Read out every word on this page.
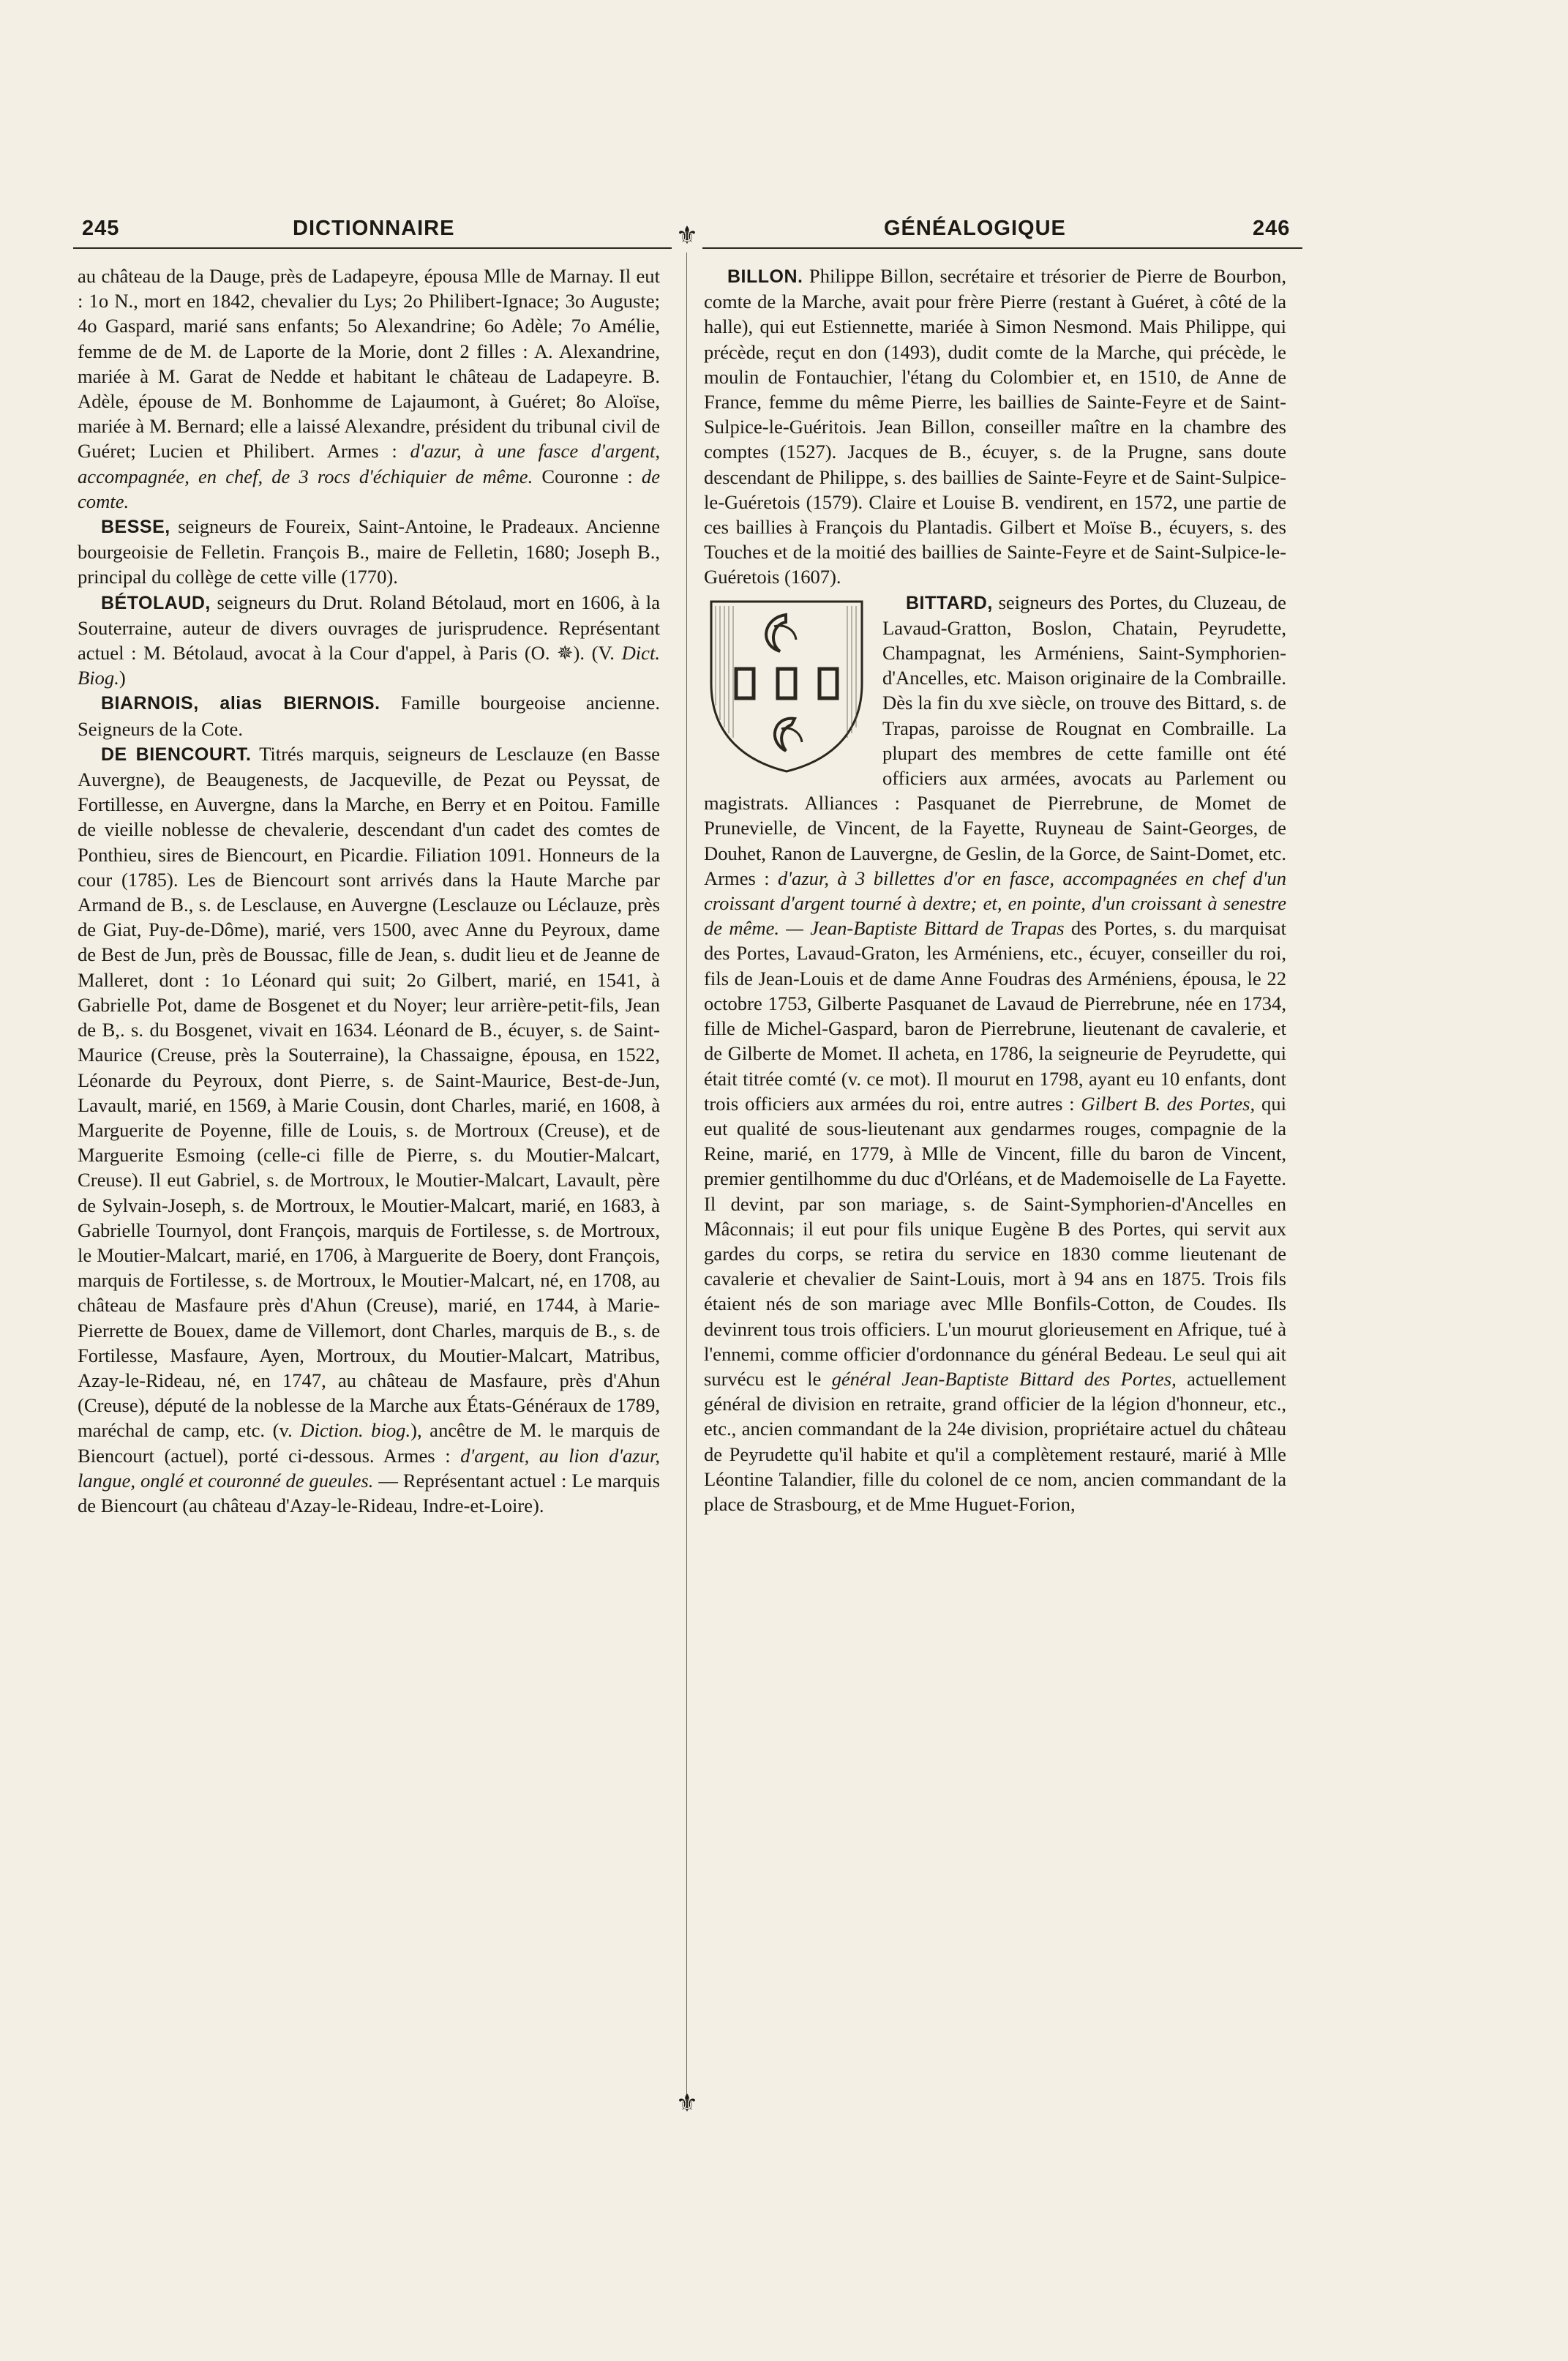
245	DICTIONNAIRE	GÉNÉALOGIQUE	246
⚜
⚜

au château de la Dauge, près de Ladapeyre, épousa Mlle de Marnay. Il eut : 1o N., mort en 1842, chevalier du Lys; 2o Philibert-Ignace; 3o Auguste; 4o Gaspard, marié sans enfants; 5o Alexandrine; 6o Adèle; 7o Amélie, femme de de M. de Laporte de la Morie, dont 2 filles : A. Alexandrine, mariée à M. Garat de Nedde et habitant le château de Ladapeyre. B. Adèle, épouse de M. Bonhomme de Lajaumont, à Guéret; 8o Aloïse, mariée à M. Bernard; elle a laissé Alexandre, président du tribunal civil de Guéret; Lucien et Philibert. Armes : d'azur, à une fasce d'argent, accompagnée, en chef, de 3 rocs d'échiquier de même. Couronne : de comte.

BESSE, seigneurs de Foureix, Saint-Antoine, le Pradeaux. Ancienne bourgeoisie de Felletin. François B., maire de Felletin, 1680; Joseph B., principal du collège de cette ville (1770).

BÉTOLAUD, seigneurs du Drut. Roland Bétolaud, mort en 1606, à la Souterraine, auteur de divers ouvrages de jurisprudence. Représentant actuel : M. Bétolaud, avocat à la Cour d'appel, à Paris (O. ✵). (V. Dict. Biog.)

BIARNOIS, alias BIERNOIS. Famille bourgeoise ancienne. Seigneurs de la Cote.

DE BIENCOURT. Titrés marquis, seigneurs de Lesclauze (en Basse Auvergne), de Beaugenests, de Jacqueville, de Pezat ou Peyssat, de Fortillesse, en Auvergne, dans la Marche, en Berry et en Poitou. Famille de vieille noblesse de chevalerie, descendant d'un cadet des comtes de Ponthieu, sires de Biencourt, en Picardie. Filiation 1091. Honneurs de la cour (1785). Les de Biencourt sont arrivés dans la Haute Marche par Armand de B., s. de Lesclause, en Auvergne (Lesclauze ou Léclauze, près de Giat, Puy-de-Dôme), marié, vers 1500, avec Anne du Peyroux, dame de Best de Jun, près de Boussac, fille de Jean, s. dudit lieu et de Jeanne de Malleret, dont : 1o Léonard qui suit; 2o Gilbert, marié, en 1541, à Gabrielle Pot, dame de Bosgenet et du Noyer; leur arrière-petit-fils, Jean de B,. s. du Bosgenet, vivait en 1634. Léonard de B., écuyer, s. de Saint-Maurice (Creuse, près la Souterraine), la Chassaigne, épousa, en 1522, Léonarde du Peyroux, dont Pierre, s. de Saint-Maurice, Best-de-Jun, Lavault, marié, en 1569, à Marie Cousin, dont Charles, marié, en 1608, à Marguerite de Poyenne, fille de Louis, s. de Mortroux (Creuse), et de Marguerite Esmoing (celle-ci fille de Pierre, s. du Moutier-Malcart, Creuse). Il eut Gabriel, s. de Mortroux, le Moutier-Malcart, Lavault, père de Sylvain-Joseph, s. de Mortroux, le Moutier-Malcart, marié, en 1683, à Gabrielle Tournyol, dont François, marquis de Fortilesse, s. de Mortroux, le Moutier-Malcart, marié, en 1706, à Marguerite de Boery, dont François, marquis de Fortilesse, s. de Mortroux, le Moutier-Malcart, né, en 1708, au château de Masfaure près d'Ahun (Creuse), marié, en 1744, à Marie-Pierrette de Bouex, dame de Villemort, dont Charles, marquis de B., s. de Fortilesse, Masfaure, Ayen, Mortroux, du Moutier-Malcart, Matribus, Azay-le-Rideau, né, en 1747, au château de Masfaure, près d'Ahun (Creuse), député de la noblesse de la Marche aux États-Généraux de 1789, maréchal de camp, etc. (v. Diction. biog.), ancêtre de M. le marquis de Biencourt (actuel), porté ci-dessous. Armes : d'argent, au lion d'azur, langue, onglé et couronné de gueules. — Représentant actuel : Le marquis de Biencourt (au château d'Azay-le-Rideau, Indre-et-Loire).

BILLON. Philippe Billon, secrétaire et trésorier de Pierre de Bourbon, comte de la Marche, avait pour frère Pierre (restant à Guéret, à côté de la halle), qui eut Estiennette, mariée à Simon Nesmond. Mais Philippe, qui précède, reçut en don (1493), dudit comte de la Marche, qui précède, le moulin de Fontauchier, l'étang du Colombier et, en 1510, de Anne de France, femme du même Pierre, les baillies de Sainte-Feyre et de Saint-Sulpice-le-Guéritois. Jean Billon, conseiller maître en la chambre des comptes (1527). Jacques de B., écuyer, s. de la Prugne, sans doute descendant de Philippe, s. des baillies de Sainte-Feyre et de Saint-Sulpice-le-Guéretois (1579). Claire et Louise B. vendirent, en 1572, une partie de ces baillies à François du Plantadis. Gilbert et Moïse B., écuyers, s. des Touches et de la moitié des baillies de Sainte-Feyre et de Saint-Sulpice-le-Guéretois (1607).

BITTARD, seigneurs des Portes, du Cluzeau, de Lavaud-Gratton, Boslon, Chatain, Peyrudette, Champagnat, les Arméniens, Saint-Symphorien-d'Ancelles, etc. Maison originaire de la Combraille. Dès la fin du xve siècle, on trouve des Bittard, s. de Trapas, paroisse de Rougnat en Combraille. La plupart des membres de cette famille ont été officiers aux armées, avocats au Parlement ou magistrats. Alliances : Pasquanet de Pierrebrune, de Momet de Prunevielle, de Vincent, de la Fayette, Ruyneau de Saint-Georges, de Douhet, Ranon de Lauvergne, de Geslin, de la Gorce, de Saint-Domet, etc. Armes : d'azur, à 3 billettes d'or en fasce, accompagnées en chef d'un croissant d'argent tourné à dextre; et, en pointe, d'un croissant à senestre de même. — Jean-Baptiste Bittard de Trapas des Portes, s. du marquisat des Portes, Lavaud-Graton, les Arméniens, etc., écuyer, conseiller du roi, fils de Jean-Louis et de dame Anne Foudras des Arméniens, épousa, le 22 octobre 1753, Gilberte Pasquanet de Lavaud de Pierrebrune, née en 1734, fille de Michel-Gaspard, baron de Pierrebrune, lieutenant de cavalerie, et de Gilberte de Momet. Il acheta, en 1786, la seigneurie de Peyrudette, qui était titrée comté (v. ce mot). Il mourut en 1798, ayant eu 10 enfants, dont trois officiers aux armées du roi, entre autres : Gilbert B. des Portes, qui eut qualité de sous-lieutenant aux gendarmes rouges, compagnie de la Reine, marié, en 1779, à Mlle de Vincent, fille du baron de Vincent, premier gentilhomme du duc d'Orléans, et de Mademoiselle de La Fayette. Il devint, par son mariage, s. de Saint-Symphorien-d'Ancelles en Mâconnais; il eut pour fils unique Eugène B des Portes, qui servit aux gardes du corps, se retira du service en 1830 comme lieutenant de cavalerie et chevalier de Saint-Louis, mort à 94 ans en 1875. Trois fils étaient nés de son mariage avec Mlle Bonfils-Cotton, de Coudes. Ils devinrent tous trois officiers. L'un mourut glorieusement en Afrique, tué à l'ennemi, comme officier d'ordonnance du général Bedeau. Le seul qui ait survécu est le général Jean-Baptiste Bittard des Portes, actuellement général de division en retraite, grand officier de la légion d'honneur, etc., etc., ancien commandant de la 24e division, propriétaire actuel du château de Peyrudette qu'il habite et qu'il a complètement restauré, marié à Mlle Léontine Talandier, fille du colonel de ce nom, ancien commandant de la place de Strasbourg, et de Mme Huguet-Forion,
